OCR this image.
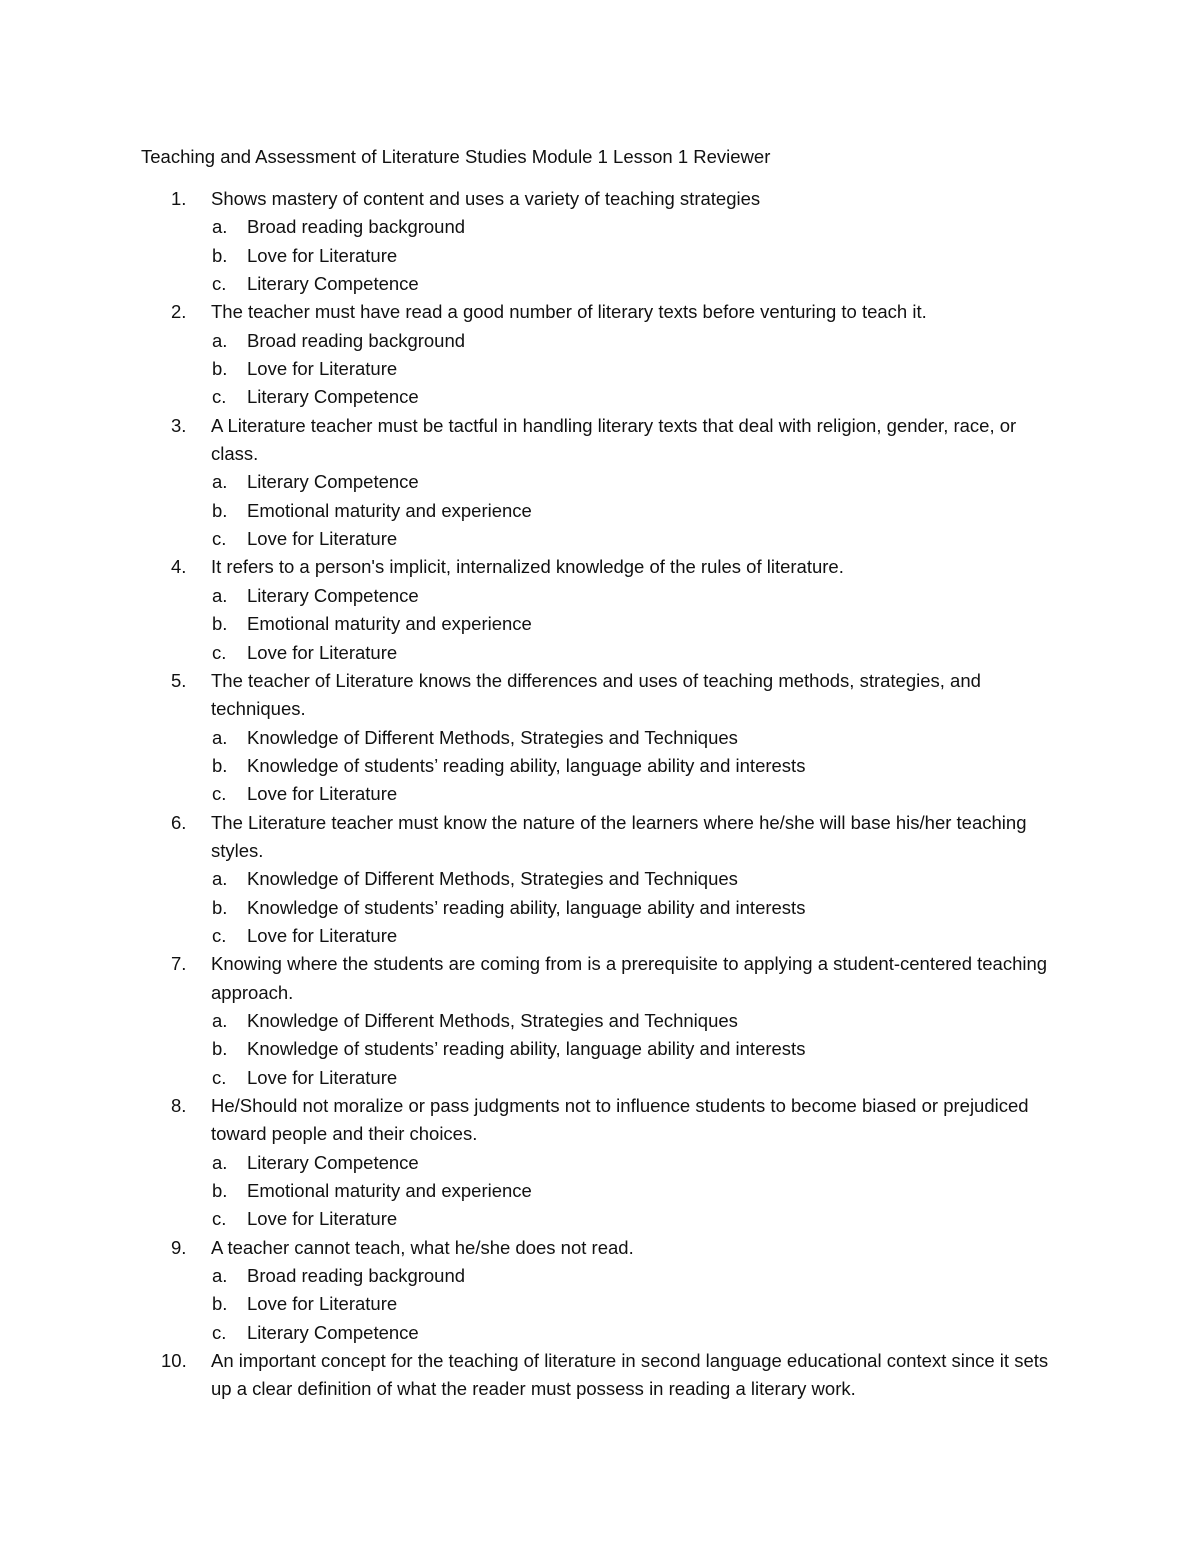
Teaching and Assessment of Literature Studies Module 1 Lesson 1 Reviewer
1.	Shows mastery of content and uses a variety of teaching strategies
a. Broad reading background
b. Love for Literature
c. Literary Competence
2.	The teacher must have read a good number of literary texts before venturing to teach it.
a. Broad reading background
b. Love for Literature
c. Literary Competence
3.	A Literature teacher must be tactful in handling literary texts that deal with religion, gender, race, or class.
a. Literary Competence
b. Emotional maturity and experience
c. Love for Literature
4.	It refers to a person's implicit, internalized knowledge of the rules of literature.
a. Literary Competence
b. Emotional maturity and experience
c. Love for Literature
5.	The teacher of Literature knows the differences and uses of teaching methods, strategies, and techniques.
a. Knowledge of Different Methods, Strategies and Techniques
b. Knowledge of students’ reading ability, language ability and interests
c. Love for Literature
6.	The Literature teacher must know the nature of the learners where he/she will base his/her teaching styles.
a. Knowledge of Different Methods, Strategies and Techniques
b. Knowledge of students’ reading ability, language ability and interests
c. Love for Literature
7.	Knowing where the students are coming from is a prerequisite to applying a student-centered teaching approach.
a. Knowledge of Different Methods, Strategies and Techniques
b. Knowledge of students’ reading ability, language ability and interests
c. Love for Literature
8.	He/Should not moralize or pass judgments not to influence students to become biased or prejudiced toward people and their choices.
a. Literary Competence
b. Emotional maturity and experience
c. Love for Literature
9.	A teacher cannot teach, what he/she does not read.
a. Broad reading background
b. Love for Literature
c. Literary Competence
10.	An important concept for the teaching of literature in second language educational context since it sets up a clear definition of what the reader must possess in reading a literary work.
